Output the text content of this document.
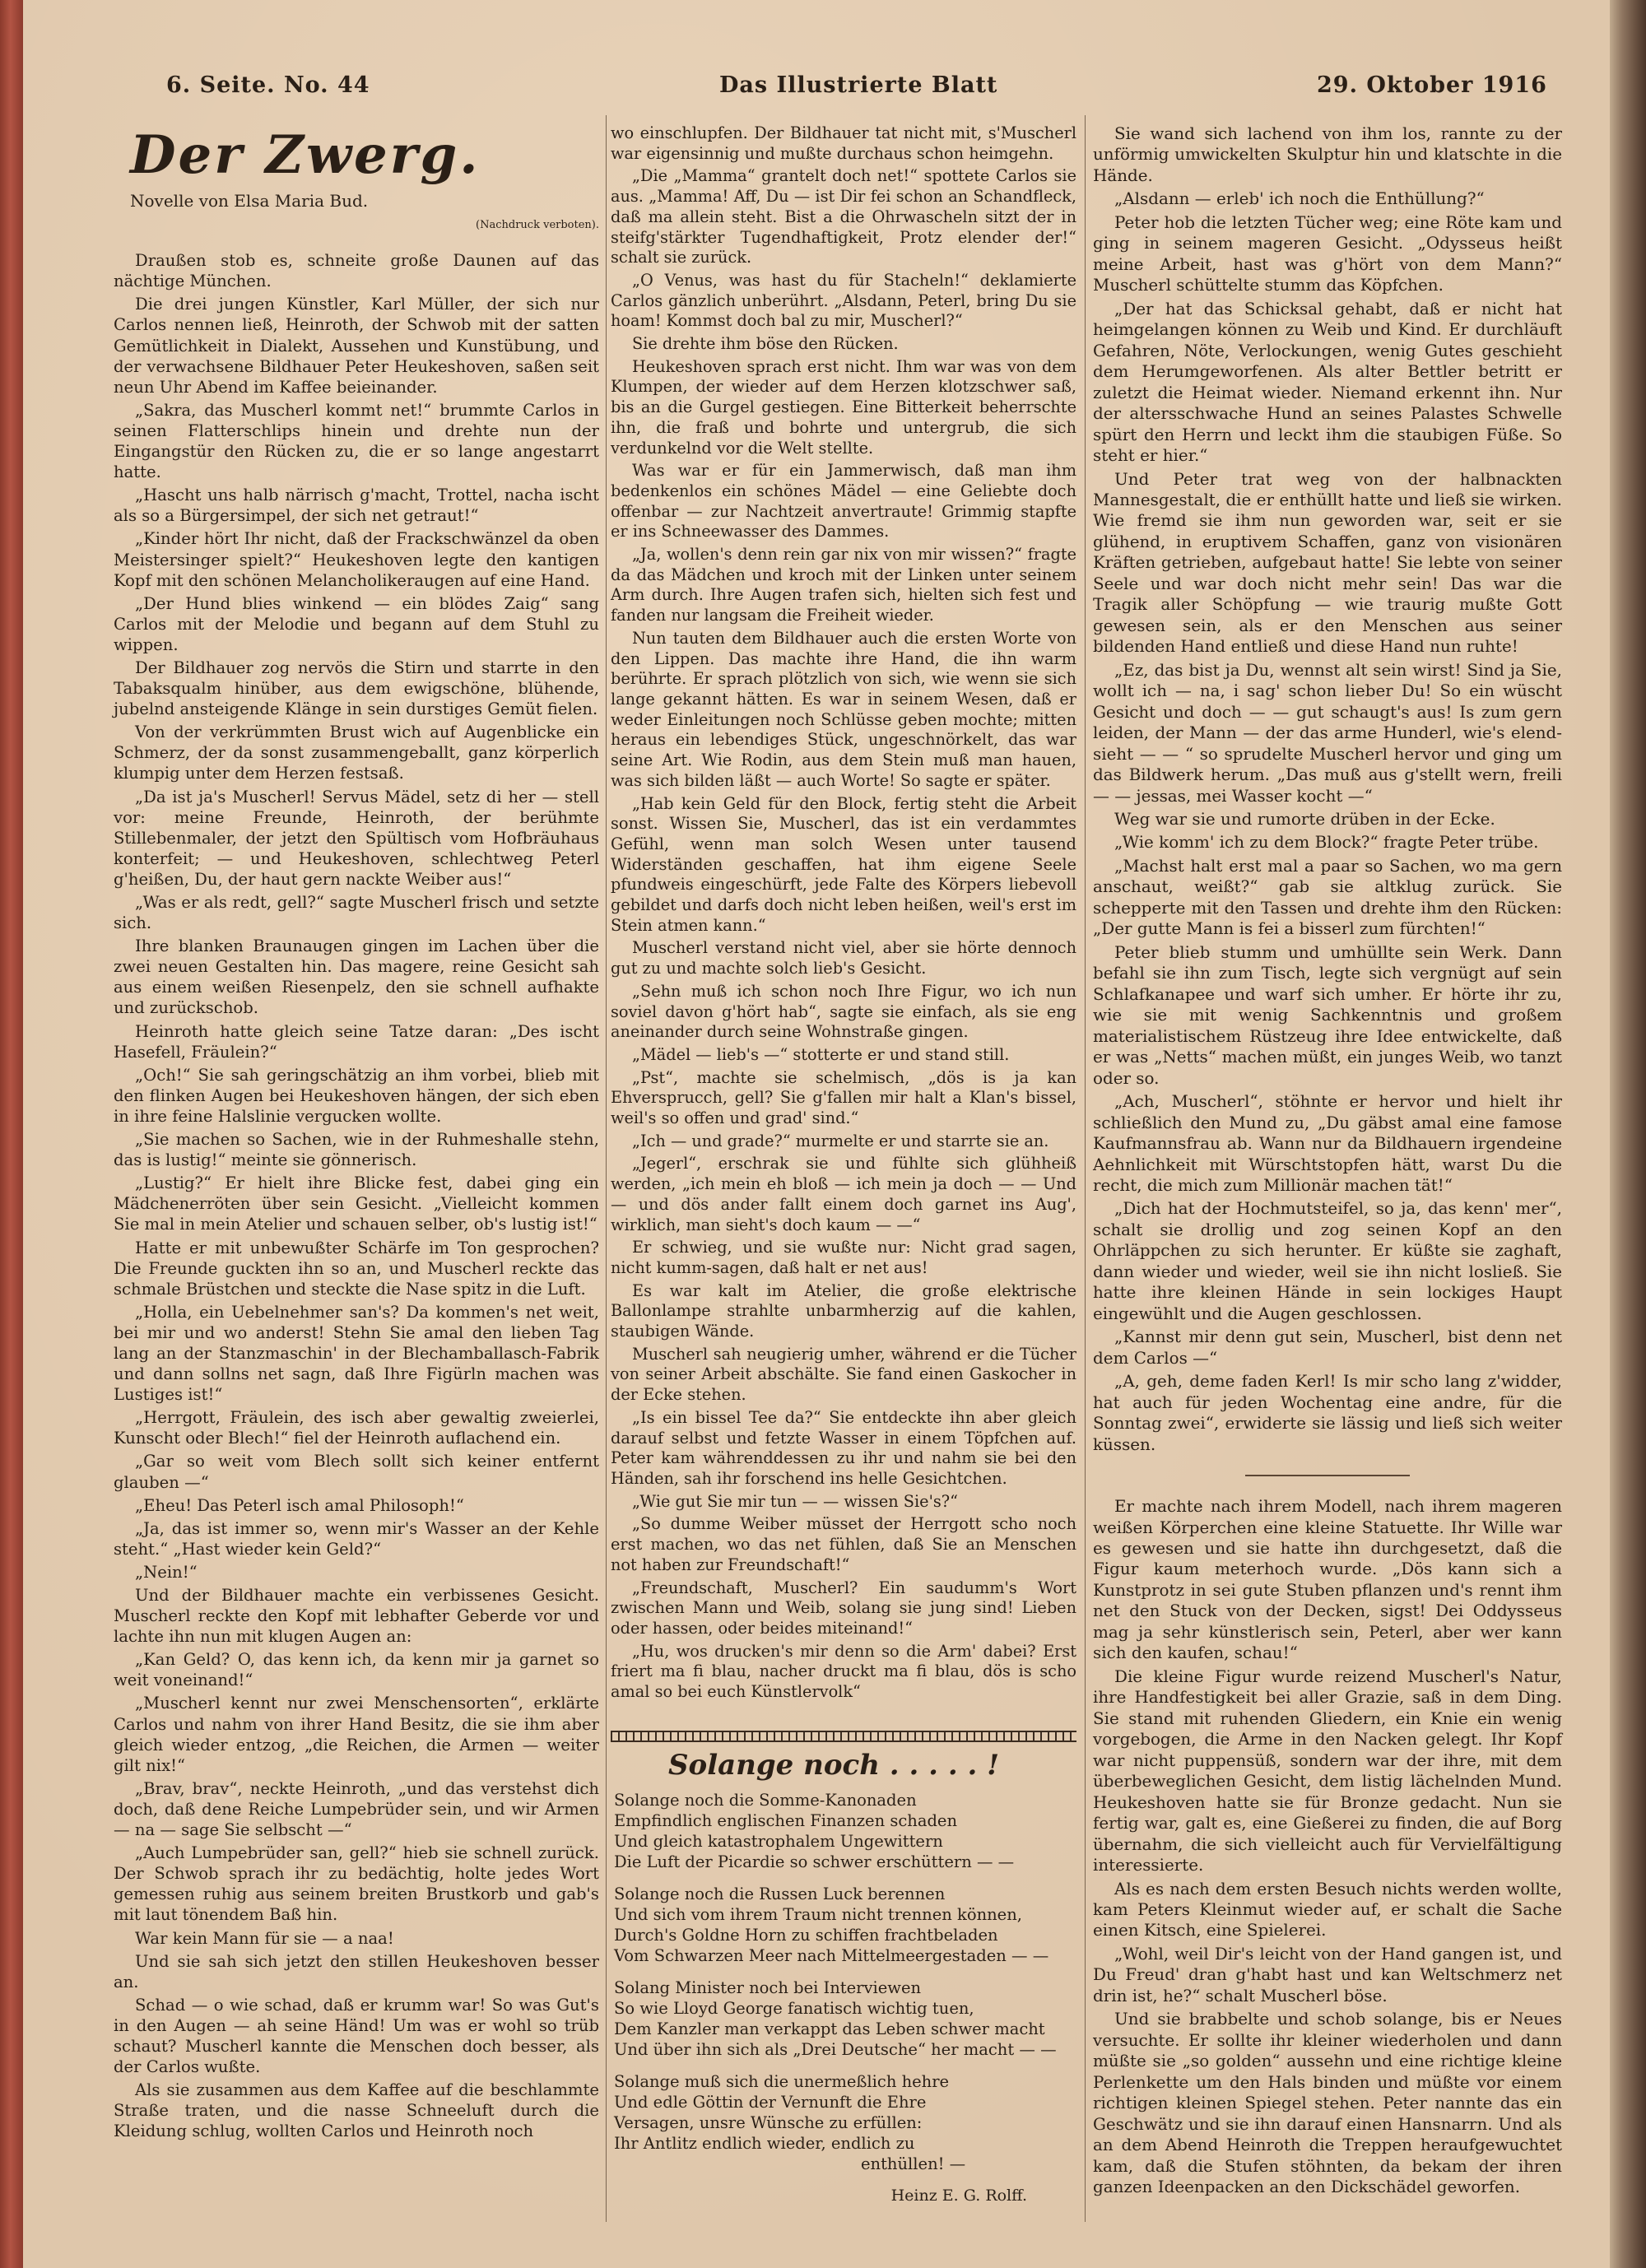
6. Seite. No. 44	Das Illustrierte Blatt	29. Oktober 1916
Der Zwerg.
Novelle von Elsa Maria Bud.
(Nachdruck verboten).

Draußen stob es, schneite große Daunen auf das nächtige München.

Die drei jungen Künstler, Karl Müller, der sich nur Carlos nennen ließ, Heinroth, der Schwob mit der satten Gemütlichkeit in Dialekt, Aussehen und Kunstübung, und der verwachsene Bildhauer Peter Heukeshoven, saßen seit neun Uhr Abend im Kaffee beieinander.

„Sakra, das Muscherl kommt net!“ brummte Carlos in seinen Flatterschlips hinein und drehte nun der Eingangstür den Rücken zu, die er so lange angestarrt hatte.

„Hascht uns halb närrisch g'macht, Trottel, nacha ischt als so a Bürgersimpel, der sich net getraut!“

„Kinder hört Ihr nicht, daß der Frackschwänzel da oben Meistersinger spielt?“ Heukeshoven legte den kantigen Kopf mit den schönen Melancholikeraugen auf eine Hand.

„Der Hund blies winkend — ein blödes Zaig“ sang Carlos mit der Melodie und begann auf dem Stuhl zu wippen.

Der Bildhauer zog nervös die Stirn und starrte in den Tabaksqualm hinüber, aus dem ewigschöne, blühende, jubelnd ansteigende Klänge in sein durstiges Gemüt fielen.

Von der verkrümmten Brust wich auf Augenblicke ein Schmerz, der da sonst zusammengeballt, ganz körperlich klumpig unter dem Herzen festsaß.

„Da ist ja's Muscherl! Servus Mädel, setz di her — stell vor: meine Freunde, Heinroth, der berühmte Stillebenmaler, der jetzt den Spültisch vom Hofbräuhaus konterfeit; — und Heukeshoven, schlechtweg Peterl g'heißen, Du, der haut gern nackte Weiber aus!“

„Was er als redt, gell?“ sagte Muscherl frisch und setzte sich.

Ihre blanken Braunaugen gingen im Lachen über die zwei neuen Gestalten hin. Das magere, reine Gesicht sah aus einem weißen Riesenpelz, den sie schnell aufhakte und zurückschob.

Heinroth hatte gleich seine Tatze daran: „Des ischt Hasefell, Fräulein?“

„Och!“ Sie sah geringschätzig an ihm vorbei, blieb mit den flinken Augen bei Heukeshoven hängen, der sich eben in ihre feine Halslinie vergucken wollte.

„Sie machen so Sachen, wie in der Ruhmeshalle stehn, das is lustig!“ meinte sie gönnerisch.

„Lustig?“ Er hielt ihre Blicke fest, dabei ging ein Mädchenerröten über sein Gesicht. „Vielleicht kommen Sie mal in mein Atelier und schauen selber, ob's lustig ist!“

Hatte er mit unbewußter Schärfe im Ton gesprochen? Die Freunde guckten ihn so an, und Muscherl reckte das schmale Brüstchen und steckte die Nase spitz in die Luft.

„Holla, ein Uebelnehmer san's? Da kommen's net weit, bei mir und wo anderst! Stehn Sie amal den lieben Tag lang an der Stanzmaschin' in der Blechamballasch-Fabrik und dann sollns net sagn, daß Ihre Figürln machen was Lustiges ist!“

„Herrgott, Fräulein, des isch aber gewaltig zweierlei, Kunscht oder Blech!“ fiel der Heinroth auflachend ein.

„Gar so weit vom Blech sollt sich keiner entfernt glauben —“

„Eheu! Das Peterl isch amal Philosoph!“

„Ja, das ist immer so, wenn mir's Wasser an der Kehle steht.“ „Hast wieder kein Geld?“

„Nein!“

Und der Bildhauer machte ein verbissenes Gesicht. Muscherl reckte den Kopf mit lebhafter Geberde vor und lachte ihn nun mit klugen Augen an:

„Kan Geld? O, das kenn ich, da kenn mir ja garnet so weit voneinand!“

„Muscherl kennt nur zwei Menschensorten“, erklärte Carlos und nahm von ihrer Hand Besitz, die sie ihm aber gleich wieder entzog, „die Reichen, die Armen — weiter gilt nix!“

„Brav, brav“, neckte Heinroth, „und das verstehst dich doch, daß dene Reiche Lumpebrüder sein, und wir Armen — na — sage Sie selbscht —“

„Auch Lumpebrüder san, gell?“ hieb sie schnell zurück. Der Schwob sprach ihr zu bedächtig, holte jedes Wort gemessen ruhig aus seinem breiten Brustkorb und gab's mit laut tönendem Baß hin.

War kein Mann für sie — a naa!

Und sie sah sich jetzt den stillen Heukeshoven besser an.

Schad — o wie schad, daß er krumm war! So was Gut's in den Augen — ah seine Händ! Um was er wohl so trüb schaut? Muscherl kannte die Menschen doch besser, als der Carlos wußte.

Als sie zusammen aus dem Kaffee auf die beschlammte Straße traten, und die nasse Schneeluft durch die Kleidung schlug, wollten Carlos und Heinroth noch

wo einschlupfen. Der Bildhauer tat nicht mit, s'Muscherl war eigensinnig und mußte durchaus schon heimgehn.

„Die „Mamma“ grantelt doch net!“ spottete Carlos sie aus. „Mamma! Aff, Du — ist Dir fei schon an Schandfleck, daß ma allein steht. Bist a die Ohrwascheln sitzt der in steifg'stärkter Tugendhaftigkeit, Protz elender der!“ schalt sie zurück.

„O Venus, was hast du für Stacheln!“ deklamierte Carlos gänzlich unberührt. „Alsdann, Peterl, bring Du sie hoam! Kommst doch bal zu mir, Muscherl?“

Sie drehte ihm böse den Rücken.

Heukeshoven sprach erst nicht. Ihm war was von dem Klumpen, der wieder auf dem Herzen klotzschwer saß, bis an die Gurgel gestiegen. Eine Bitterkeit beherrschte ihn, die fraß und bohrte und untergrub, die sich verdunkelnd vor die Welt stellte.

Was war er für ein Jammerwisch, daß man ihm bedenkenlos ein schönes Mädel — eine Geliebte doch offenbar — zur Nachtzeit anvertraute! Grimmig stapfte er ins Schneewasser des Dammes.

„Ja, wollen's denn rein gar nix von mir wissen?“ fragte da das Mädchen und kroch mit der Linken unter seinem Arm durch. Ihre Augen trafen sich, hielten sich fest und fanden nur langsam die Freiheit wieder.

Nun tauten dem Bildhauer auch die ersten Worte von den Lippen. Das machte ihre Hand, die ihn warm berührte. Er sprach plötzlich von sich, wie wenn sie sich lange gekannt hätten. Es war in seinem Wesen, daß er weder Einleitungen noch Schlüsse geben mochte; mitten heraus ein lebendiges Stück, ungeschnörkelt, das war seine Art. Wie Rodin, aus dem Stein muß man hauen, was sich bilden läßt — auch Worte! So sagte er später.

„Hab kein Geld für den Block, fertig steht die Arbeit sonst. Wissen Sie, Muscherl, das ist ein verdammtes Gefühl, wenn man solch Wesen unter tausend Widerständen geschaffen, hat ihm eigene Seele pfundweis eingeschürft, jede Falte des Körpers liebevoll gebildet und darfs doch nicht leben heißen, weil's erst im Stein atmen kann.“

Muscherl verstand nicht viel, aber sie hörte dennoch gut zu und machte solch lieb's Gesicht.

„Sehn muß ich schon noch Ihre Figur, wo ich nun soviel davon g'hört hab“, sagte sie einfach, als sie eng aneinander durch seine Wohnstraße gingen.

„Mädel — lieb's —“ stotterte er und stand still.

„Pst“, machte sie schelmisch, „dös is ja kan Ehversprucch, gell? Sie g'fallen mir halt a Klan's bissel, weil's so offen und grad' sind.“

„Ich — und grade?“ murmelte er und starrte sie an.

„Jegerl“, erschrak sie und fühlte sich glühheiß werden, „ich mein eh bloß — ich mein ja doch — — Und — und dös ander fallt einem doch garnet ins Aug', wirklich, man sieht's doch kaum — —“

Er schwieg, und sie wußte nur: Nicht grad sagen, nicht kumm-sagen, daß halt er net aus!

Es war kalt im Atelier, die große elektrische Ballonlampe strahlte unbarmherzig auf die kahlen, staubigen Wände.

Muscherl sah neugierig umher, während er die Tücher von seiner Arbeit abschälte. Sie fand einen Gaskocher in der Ecke stehen.

„Is ein bissel Tee da?“ Sie entdeckte ihn aber gleich darauf selbst und fetzte Wasser in einem Töpfchen auf. Peter kam währenddessen zu ihr und nahm sie bei den Händen, sah ihr forschend ins helle Gesichtchen.

„Wie gut Sie mir tun — — wissen Sie's?“

„So dumme Weiber müsset der Herrgott scho noch erst machen, wo das net fühlen, daß Sie an Menschen not haben zur Freundschaft!“

„Freundschaft, Muscherl? Ein saudumm's Wort zwischen Mann und Weib, solang sie jung sind! Lieben oder hassen, oder beides miteinand!“

„Hu, wos drucken's mir denn so die Arm' dabei? Erst friert ma fi blau, nacher druckt ma fi blau, dös is scho amal so bei euch Künstlervolk“

Solange noch . . . . . !
Solange noch die Somme-Kanonaden
Empfindlich englischen Finanzen schaden
Und gleich katastrophalem Ungewittern
Die Luft der Picardie so schwer erschüttern — —
Solange noch die Russen Luck berennen
Und sich vom ihrem Traum nicht trennen können,
Durch's Goldne Horn zu schiffen frachtbeladen
Vom Schwarzen Meer nach Mittelmeergestaden — —
Solang Minister noch bei Interviewen
So wie Lloyd George fanatisch wichtig tuen,
Dem Kanzler man verkappt das Leben schwer macht
Und über ihn sich als „Drei Deutsche“ her macht — —
Solange muß sich die unermeßlich hehre
Und edle Göttin der Vernunft die Ehre
Versagen, unsre Wünsche zu erfüllen:
Ihr Antlitz endlich wieder, endlich zu
enthüllen! —
Heinz E. G. Rolff.

Sie wand sich lachend von ihm los, rannte zu der unförmig umwickelten Skulptur hin und klatschte in die Hände.

„Alsdann — erleb' ich noch die Enthüllung?“

Peter hob die letzten Tücher weg; eine Röte kam und ging in seinem mageren Gesicht. „Odysseus heißt meine Arbeit, hast was g'hört von dem Mann?“ Muscherl schüttelte stumm das Köpfchen.

„Der hat das Schicksal gehabt, daß er nicht hat heimgelangen können zu Weib und Kind. Er durchläuft Gefahren, Nöte, Verlockungen, wenig Gutes geschieht dem Herumgeworfenen. Als alter Bettler betritt er zuletzt die Heimat wieder. Niemand erkennt ihn. Nur der altersschwache Hund an seines Palastes Schwelle spürt den Herrn und leckt ihm die staubigen Füße. So steht er hier.“

Und Peter trat weg von der halbnackten Mannesgestalt, die er enthüllt hatte und ließ sie wirken. Wie fremd sie ihm nun geworden war, seit er sie glühend, in eruptivem Schaffen, ganz von visionären Kräften getrieben, aufgebaut hatte! Sie lebte von seiner Seele und war doch nicht mehr sein! Das war die Tragik aller Schöpfung — wie traurig mußte Gott gewesen sein, als er den Menschen aus seiner bildenden Hand entließ und diese Hand nun ruhte!

„Ez, das bist ja Du, wennst alt sein wirst! Sind ja Sie, wollt ich — na, i sag' schon lieber Du! So ein wüscht Gesicht und doch — — gut schaugt's aus! Is zum gern leiden, der Mann — der das arme Hunderl, wie's elend-sieht — — “ so sprudelte Muscherl hervor und ging um das Bildwerk herum. „Das muß aus g'stellt wern, freili — — jessas, mei Wasser kocht —“

Weg war sie und rumorte drüben in der Ecke.

„Wie komm' ich zu dem Block?“ fragte Peter trübe.

„Machst halt erst mal a paar so Sachen, wo ma gern anschaut, weißt?“ gab sie altklug zurück. Sie schepperte mit den Tassen und drehte ihm den Rücken: „Der gutte Mann is fei a bisserl zum fürchten!“

Peter blieb stumm und umhüllte sein Werk. Dann befahl sie ihn zum Tisch, legte sich vergnügt auf sein Schlafkanapee und warf sich umher. Er hörte ihr zu, wie sie mit wenig Sachkenntnis und großem materialistischem Rüstzeug ihre Idee entwickelte, daß er was „Netts“ machen müßt, ein junges Weib, wo tanzt oder so.

„Ach, Muscherl“, stöhnte er hervor und hielt ihr schließlich den Mund zu, „Du gäbst amal eine famose Kaufmannsfrau ab. Wann nur da Bildhauern irgendeine Aehnlichkeit mit Würschtstopfen hätt, warst Du die recht, die mich zum Millionär machen tät!“

„Dich hat der Hochmutsteifel, so ja, das kenn' mer“, schalt sie drollig und zog seinen Kopf an den Ohrläppchen zu sich herunter. Er küßte sie zaghaft, dann wieder und wieder, weil sie ihn nicht losließ. Sie hatte ihre kleinen Hände in sein lockiges Haupt eingewühlt und die Augen geschlossen.

„Kannst mir denn gut sein, Muscherl, bist denn net dem Carlos —“

„A, geh, deme faden Kerl! Is mir scho lang z'widder, hat auch für jeden Wochentag eine andre, für die Sonntag zwei“, erwiderte sie lässig und ließ sich weiter küssen.

Er machte nach ihrem Modell, nach ihrem mageren weißen Körperchen eine kleine Statuette. Ihr Wille war es gewesen und sie hatte ihn durchgesetzt, daß die Figur kaum meterhoch wurde. „Dös kann sich a Kunstprotz in sei gute Stuben pflanzen und's rennt ihm net den Stuck von der Decken, sigst! Dei Oddysseus mag ja sehr künstlerisch sein, Peterl, aber wer kann sich den kaufen, schau!“

Die kleine Figur wurde reizend Muscherl's Natur, ihre Handfestigkeit bei aller Grazie, saß in dem Ding. Sie stand mit ruhenden Gliedern, ein Knie ein wenig vorgebogen, die Arme in den Nacken gelegt. Ihr Kopf war nicht puppensüß, sondern war der ihre, mit dem überbeweglichen Gesicht, dem listig lächelnden Mund. Heukeshoven hatte sie für Bronze gedacht. Nun sie fertig war, galt es, eine Gießerei zu finden, die auf Borg übernahm, die sich vielleicht auch für Vervielfältigung interessierte.

Als es nach dem ersten Besuch nichts werden wollte, kam Peters Kleinmut wieder auf, er schalt die Sache einen Kitsch, eine Spielerei.

„Wohl, weil Dir's leicht von der Hand gangen ist, und Du Freud' dran g'habt hast und kan Weltschmerz net drin ist, he?“ schalt Muscherl böse.

Und sie brabbelte und schob solange, bis er Neues versuchte. Er sollte ihr kleiner wiederholen und dann müßte sie „so golden“ aussehn und eine richtige kleine Perlenkette um den Hals binden und müßte vor einem richtigen kleinen Spiegel stehen. Peter nannte das ein Geschwätz und sie ihn darauf einen Hansnarrn. Und als an dem Abend Heinroth die Treppen heraufgewuchtet kam, daß die Stufen stöhnten, da bekam der ihren ganzen Ideenpacken an den Dickschädel geworfen.
